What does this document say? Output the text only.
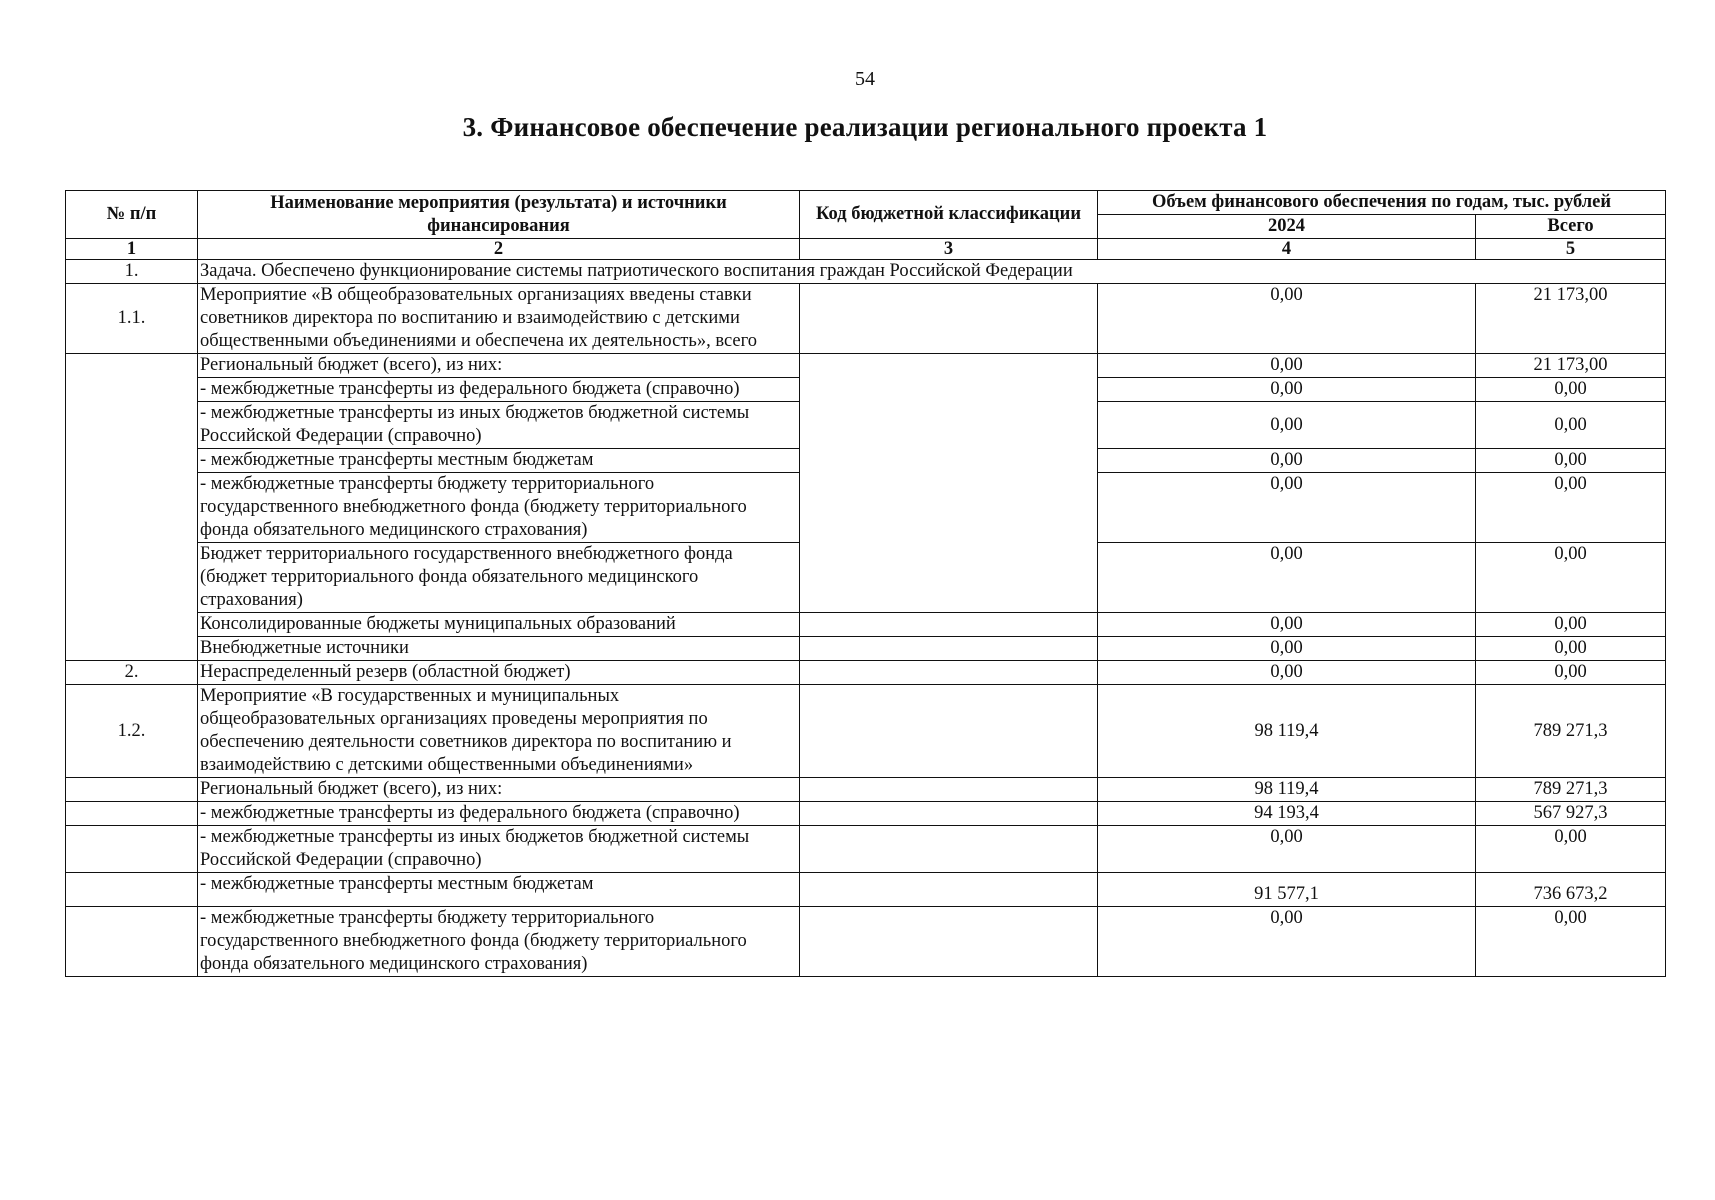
54
3. Финансовое обеспечение реализации регионального проекта 1
№ п/п	Наименование мероприятия (результата) и источники финансирования	Код бюджетной классификации	Объем финансового обеспечения по годам, тыс. рублей	
			2024	Всего
1	2	3	4	5
1.	Задача. Обеспечено функционирование системы патриотического воспитания граждан Российской Федерации			
1.1.	Мероприятие «В общеобразовательных организациях введены ставки советников директора по воспитанию и взаимодействию с детскими общественными объединениями и обеспечена их деятельность», всего		0,00	21 173,00
	Региональный бюджет (всего), из них:		0,00	21 173,00
	- межбюджетные трансферты из федерального бюджета (справочно)		0,00	0,00
	- межбюджетные трансферты из иных бюджетов бюджетной системы Российской Федерации (справочно)		0,00	0,00
	- межбюджетные трансферты местным бюджетам		0,00	0,00
	- межбюджетные трансферты бюджету территориального государственного внебюджетного фонда (бюджету территориального фонда обязательного медицинского страхования)		0,00	0,00
	Бюджет территориального государственного внебюджетного фонда (бюджет территориального фонда обязательного медицинского страхования)		0,00	0,00
	Консолидированные бюджеты муниципальных образований		0,00	0,00
	Внебюджетные источники		0,00	0,00
2.	Нераспределенный резерв (областной бюджет)		0,00	0,00
1.2.	Мероприятие «В государственных и муниципальных общеобразовательных организациях проведены мероприятия по обеспечению деятельности советников директора по воспитанию и взаимодействию с детскими общественными объединениями»		98 119,4	789 271,3
	Региональный бюджет (всего), из них:		98 119,4	789 271,3
	- межбюджетные трансферты из федерального бюджета (справочно)		94 193,4	567 927,3
	- межбюджетные трансферты из иных бюджетов бюджетной системы Российской Федерации (справочно)		0,00	0,00
	- межбюджетные трансферты местным бюджетам		91 577,1	736 673,2
	- межбюджетные трансферты бюджету территориального государственного внебюджетного фонда (бюджету территориального фонда обязательного медицинского страхования)		0,00	0,00
